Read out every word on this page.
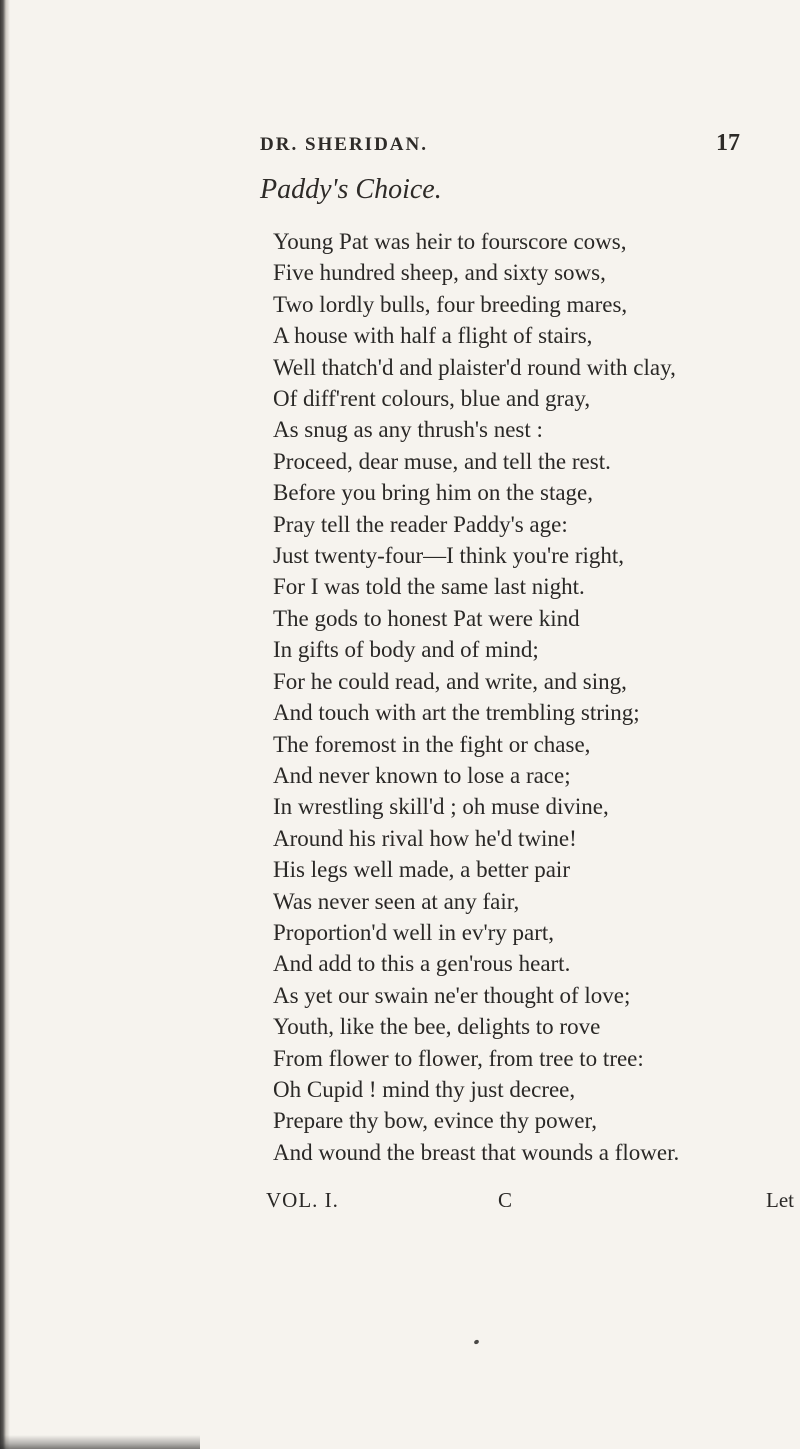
DR. SHERIDAN.	17
Paddy's Choice.
Young Pat was heir to fourscore cows,
Five hundred sheep, and sixty sows,
Two lordly bulls, four breeding mares,
A house with half a flight of stairs,
Well thatch'd and plaister'd round with clay,
Of diff'rent colours, blue and gray,
As snug as any thrush's nest :
Proceed, dear muse, and tell the rest.
Before you bring him on the stage,
Pray tell the reader Paddy's age:
Just twenty-four—I think you're right,
For I was told the same last night.
The gods to honest Pat were kind
In gifts of body and of mind;
For he could read, and write, and sing,
And touch with art the trembling string;
The foremost in the fight or chase,
And never known to lose a race;
In wrestling skill'd ; oh muse divine,
Around his rival how he'd twine!
His legs well made, a better pair
Was never seen at any fair,
Proportion'd well in ev'ry part,
And add to this a gen'rous heart.
As yet our swain ne'er thought of love;
Youth, like the bee, delights to rove
From flower to flower, from tree to tree:
Oh Cupid ! mind thy just decree,
Prepare thy bow, evince thy power,
And wound the breast that wounds a flower.
VOL. I.	C	Let
